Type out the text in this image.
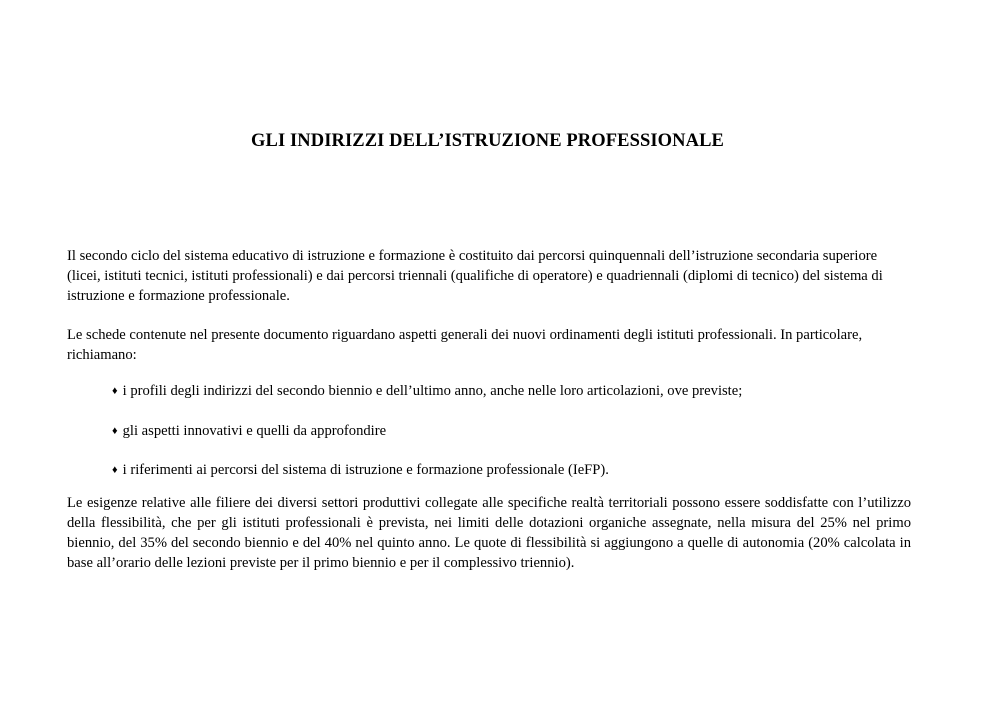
GLI INDIRIZZI DELL’ISTRUZIONE PROFESSIONALE

Il secondo ciclo del sistema educativo di istruzione e formazione è costituito dai percorsi quinquennali dell’istruzione secondaria superiore (licei, istituti tecnici, istituti professionali) e dai percorsi triennali (qualifiche di operatore) e quadriennali (diplomi di tecnico) del sistema di istruzione e formazione professionale.

Le schede contenute nel presente documento riguardano aspetti generali dei nuovi ordinamenti degli istituti professionali. In particolare, richiamano:

♦ i profili degli indirizzi del secondo biennio e dell’ultimo anno, anche nelle loro articolazioni, ove previste;
♦ gli aspetti innovativi e quelli da approfondire
♦ i riferimenti ai percorsi del sistema di istruzione e formazione professionale (IeFP).

Le esigenze relative alle filiere dei diversi settori produttivi collegate alle specifiche realtà territoriali possono essere soddisfatte con l’utilizzo della flessibilità, che per gli istituti professionali è prevista, nei limiti delle dotazioni organiche assegnate, nella misura del 25% nel primo biennio, del 35% del secondo biennio e del 40% nel quinto anno. Le quote di flessibilità si aggiungono a quelle di autonomia (20% calcolata in base all’orario delle lezioni previste per il primo biennio e per il complessivo triennio).
